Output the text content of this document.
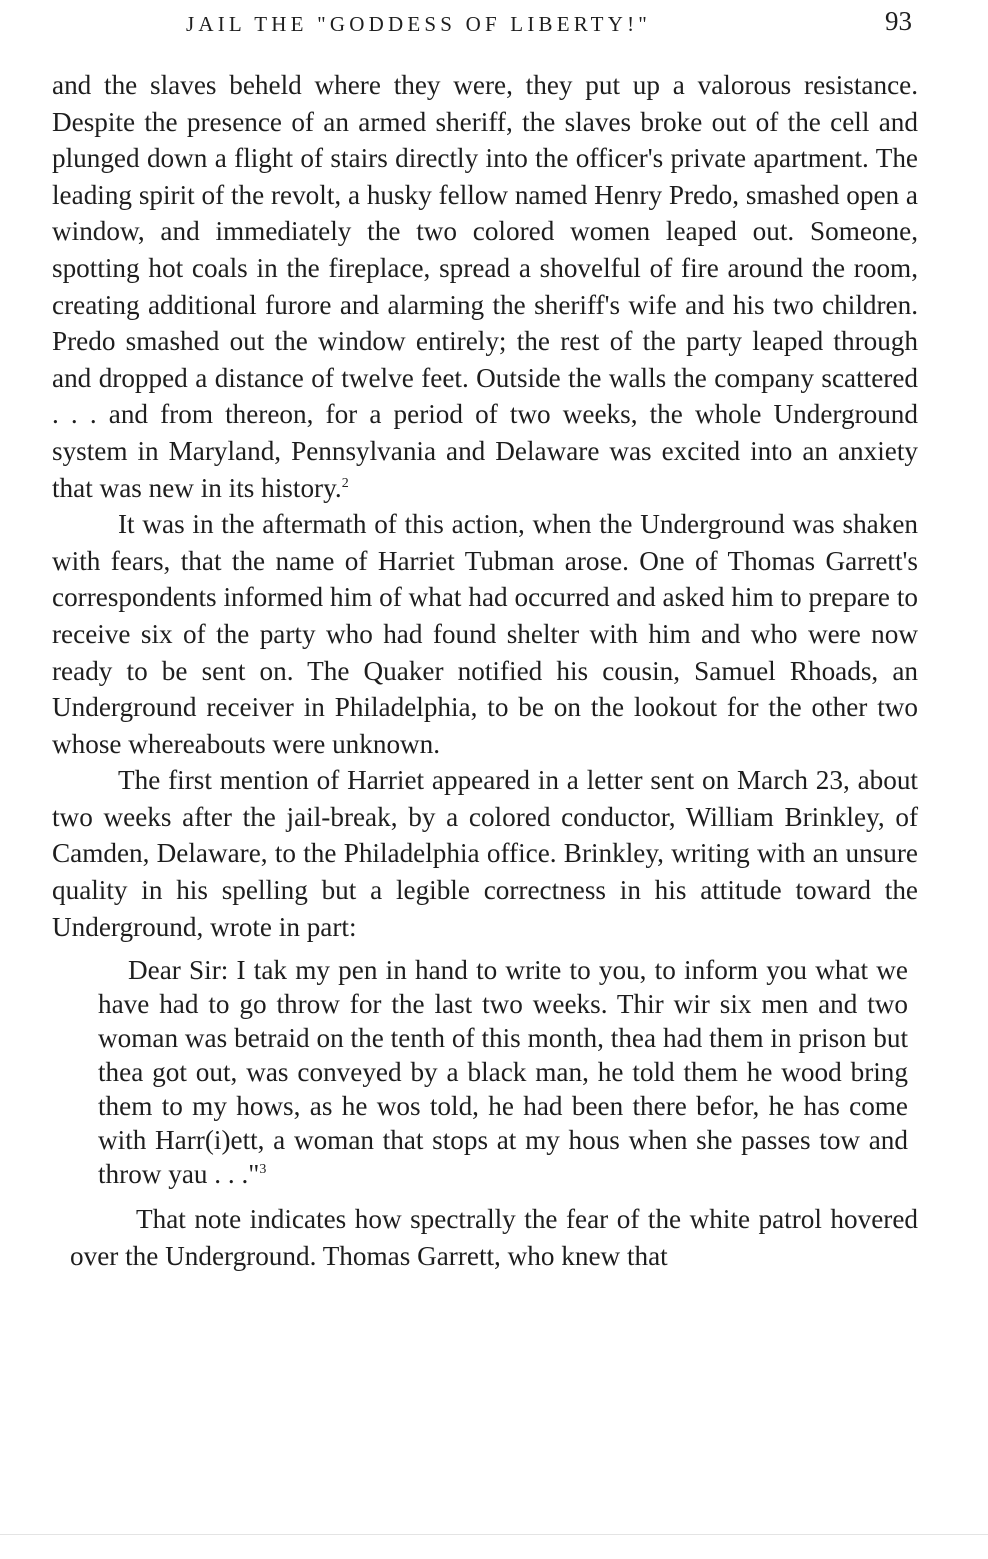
JAIL THE "GODDESS OF LIBERTY!"	93

and the slaves beheld where they were, they put up a valorous resistance. Despite the presence of an armed sheriff, the slaves broke out of the cell and plunged down a flight of stairs directly into the officer's private apartment. The leading spirit of the revolt, a husky fellow named Henry Predo, smashed open a window, and immediately the two colored women leaped out. Someone, spotting hot coals in the fireplace, spread a shovelful of fire around the room, creating additional furore and alarming the sheriff's wife and his two children. Predo smashed out the window entirely; the rest of the party leaped through and dropped a distance of twelve feet. Outside the walls the company scattered . . . and from thereon, for a period of two weeks, the whole Underground system in Maryland, Pennsylvania and Delaware was excited into an anxiety that was new in its history.$^2$

It was in the aftermath of this action, when the Underground was shaken with fears, that the name of Harriet Tubman arose. One of Thomas Garrett's correspondents informed him of what had occurred and asked him to prepare to receive six of the party who had found shelter with him and who were now ready to be sent on. The Quaker notified his cousin, Samuel Rhoads, an Underground receiver in Philadelphia, to be on the lookout for the other two whose whereabouts were unknown.

The first mention of Harriet appeared in a letter sent on March 23, about two weeks after the jail-break, by a colored conductor, William Brinkley, of Camden, Delaware, to the Philadelphia office. Brinkley, writing with an unsure quality in his spelling but a legible correctness in his attitude toward the Underground, wrote in part:

Dear Sir: I tak my pen in hand to write to you, to inform you what we have had to go throw for the last two weeks. Thir wir six men and two woman was betraid on the tenth of this month, thea had them in prison but thea got out, was conveyed by a black man, he told them he wood bring them to my hows, as he wos told, he had been there befor, he has come with Harr(i)ett, a woman that stops at my hous when she passes tow and throw yau . . ."$^3$

That note indicates how spectrally the fear of the white patrol hovered over the Underground. Thomas Garrett, who knew that
